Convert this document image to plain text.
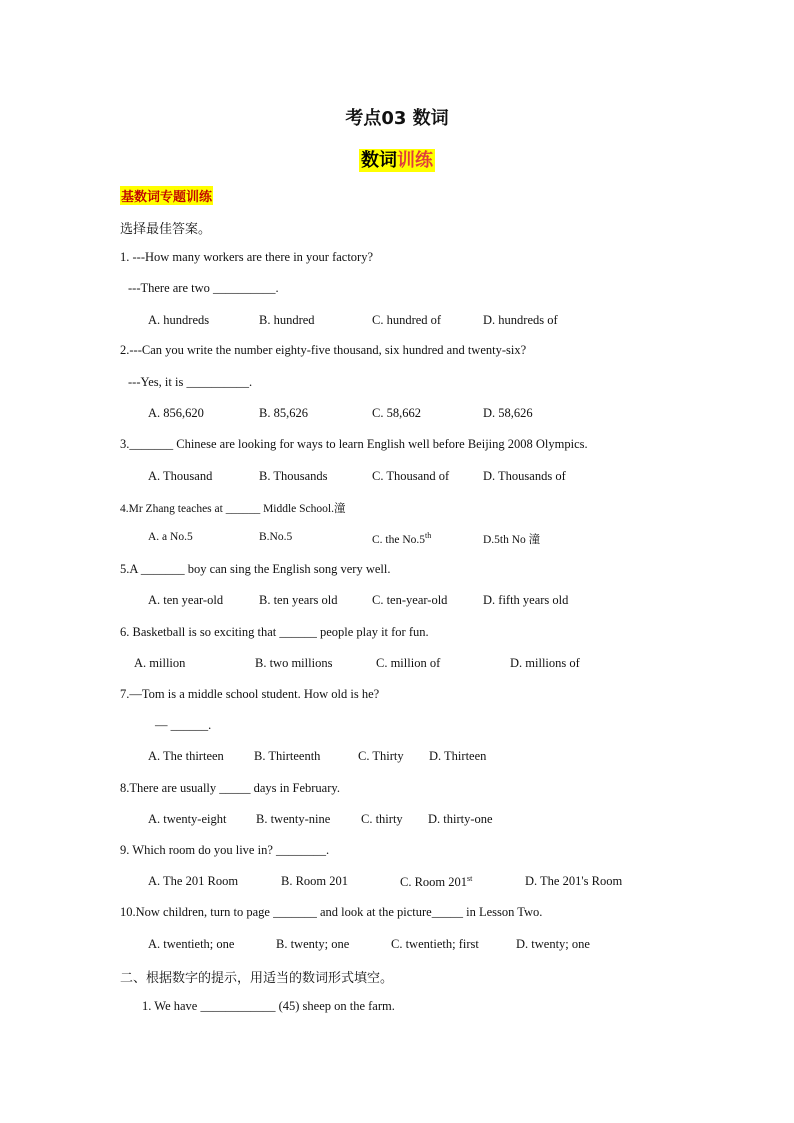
考点03 数词
数词训练
基数词专题训练
选择最佳答案。
1. ---How many workers are there in your factory?
---There are two __________.
A. hundreds	B. hundred	C. hundred of	D. hundreds of
2.---Can you write the number eighty-five thousand, six hundred and twenty-six?
---Yes, it is __________.
A. 856,620	B. 85,626	C. 58,662	D. 58,626
3._______ Chinese are looking for ways to learn English well before Beijing 2008 Olympics.
A. Thousand	B. Thousands	C. Thousand of	D. Thousands of
4.Mr Zhang teaches at ______ Middle School.潼
A. a No.5	B.No.5	C. the No.5th	D.5th No 潼
5.A _______ boy can sing the English song very well.
A. ten year-old	B. ten years old	C. ten-year-old	D. fifth years old
6. Basketball is so exciting that ______ people play it for fun.
A. million	B. two millions	C. million of	D. millions of
7.—Tom is a middle school student. How old is he?
— ______.
A. The thirteen B. Thirteenth	C. Thirty D. Thirteen
8.There are usually _____ days in February.
A. twenty-eight B. twenty-nine C. thirty D. thirty-one
9. Which room do you live in? ________.
A. The 201 Room	B. Room 201	C. Room 201st	D. The 201's Room
10.Now children, turn to page _______ and look at the picture_____ in Lesson Two.
A. twentieth; one	B. twenty; one	C. twentieth; first	D. twenty; one
二、根据数字的提示，用适当的数词形式填空。
1. We have ____________ (45) sheep on the farm.
